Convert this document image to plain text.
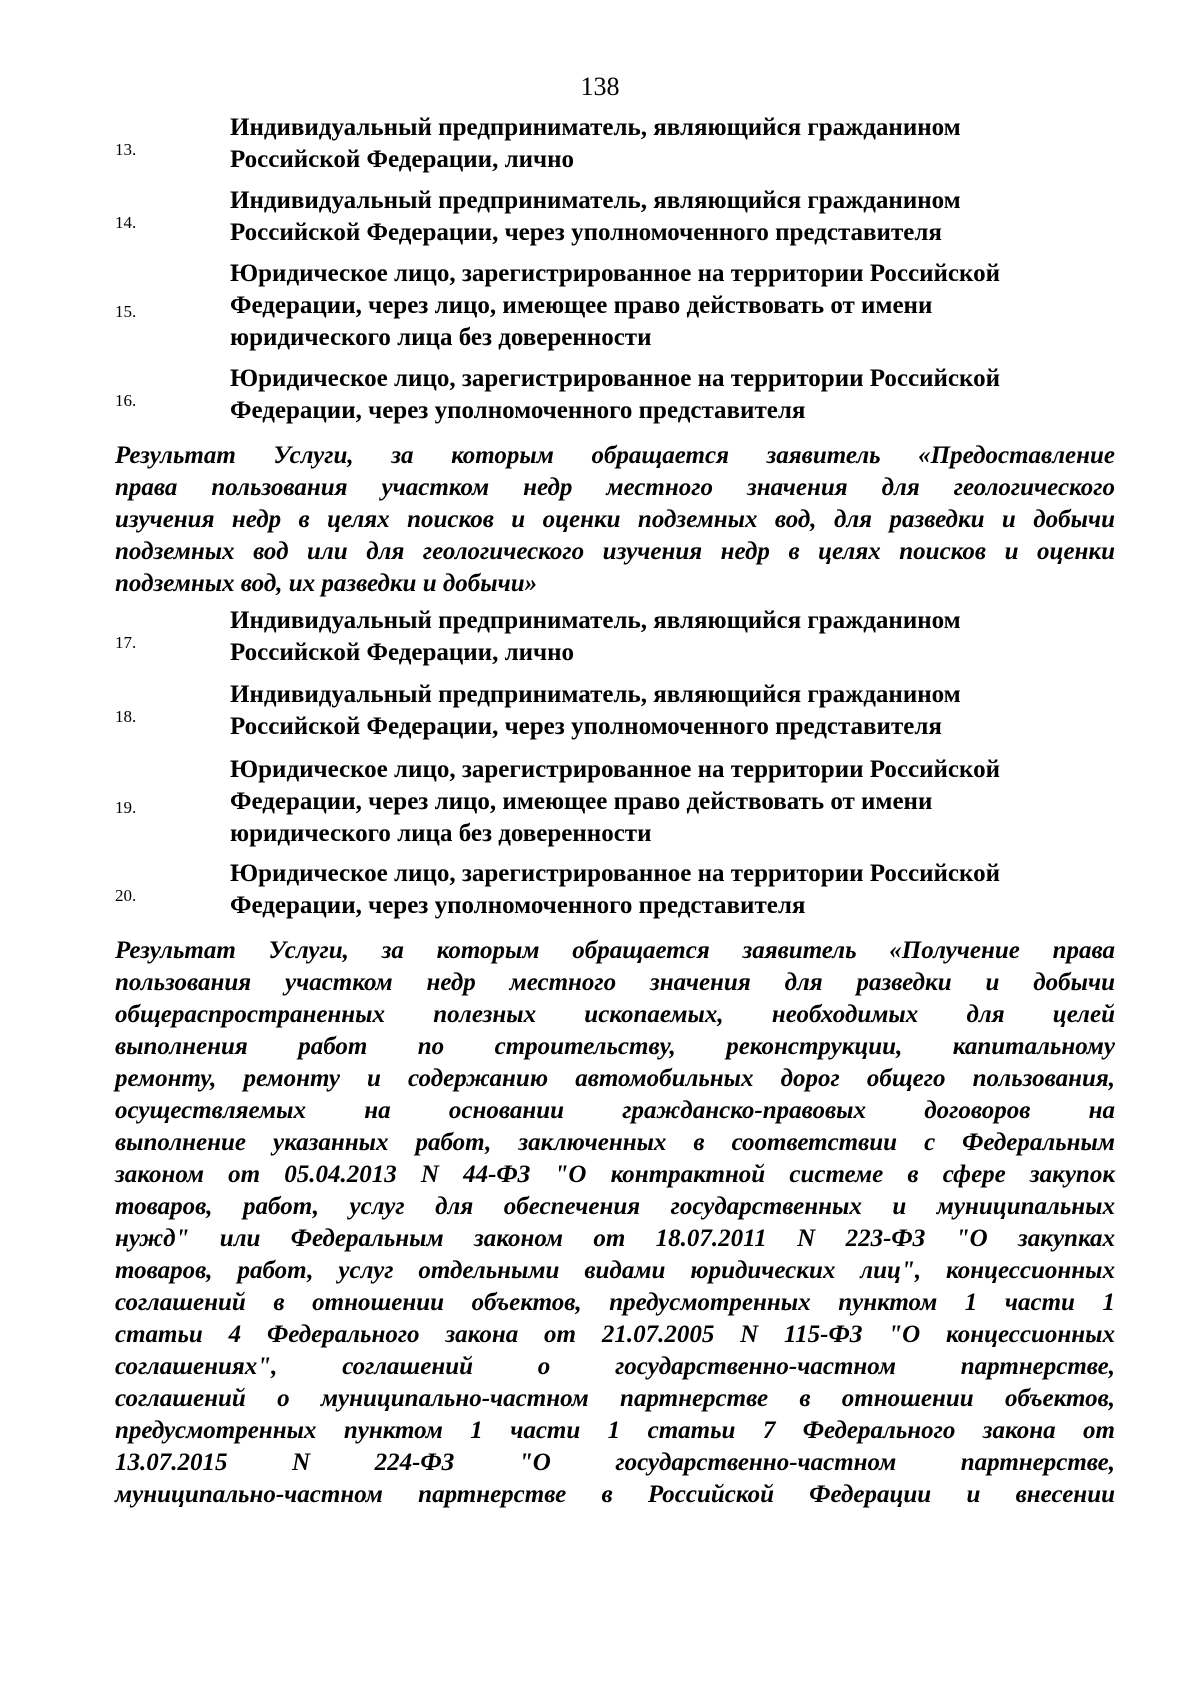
138
13.
Индивидуальный предприниматель, являющийся гражданином
Российской Федерации, лично
14.
Индивидуальный предприниматель, являющийся гражданином
Российской Федерации, через уполномоченного представителя
15.
Юридическое лицо, зарегистрированное на территории Российской
Федерации, через лицо, имеющее право действовать от имени
юридического лица без доверенности
16.
Юридическое лицо, зарегистрированное на территории Российской
Федерации, через уполномоченного представителя
Результат Услуги, за которым обращается заявитель «Предоставление
права пользования участком недр местного значения для геологического
изучения недр в целях поисков и оценки подземных вод, для разведки и добычи
подземных вод или для геологического изучения недр в целях поисков и оценки
подземных вод, их разведки и добычи»
17.
Индивидуальный предприниматель, являющийся гражданином
Российской Федерации, лично
18.
Индивидуальный предприниматель, являющийся гражданином
Российской Федерации, через уполномоченного представителя
19.
Юридическое лицо, зарегистрированное на территории Российской
Федерации, через лицо, имеющее право действовать от имени
юридического лица без доверенности
20.
Юридическое лицо, зарегистрированное на территории Российской
Федерации, через уполномоченного представителя
Результат Услуги, за которым обращается заявитель «Получение права
пользования участком недр местного значения для разведки и добычи
общераспространенных полезных ископаемых, необходимых для целей
выполнения работ по строительству, реконструкции, капитальному
ремонту, ремонту и содержанию автомобильных дорог общего пользования,
осуществляемых на основании гражданско-правовых договоров на
выполнение указанных работ, заключенных в соответствии с Федеральным
законом от 05.04.2013 N 44-ФЗ "О контрактной системе в сфере закупок
товаров, работ, услуг для обеспечения государственных и муниципальных
нужд" или Федеральным законом от 18.07.2011 N 223-ФЗ "О закупках
товаров, работ, услуг отдельными видами юридических лиц", концессионных
соглашений в отношении объектов, предусмотренных пунктом 1 части 1
статьи 4 Федерального закона от 21.07.2005 N 115-ФЗ "О концессионных
соглашениях", соглашений о государственно-частном партнерстве,
соглашений о муниципально-частном партнерстве в отношении объектов,
предусмотренных пунктом 1 части 1 статьи 7 Федерального закона от
13.07.2015 N 224-ФЗ "О государственно-частном партнерстве,
муниципально-частном партнерстве в Российской Федерации и внесении
